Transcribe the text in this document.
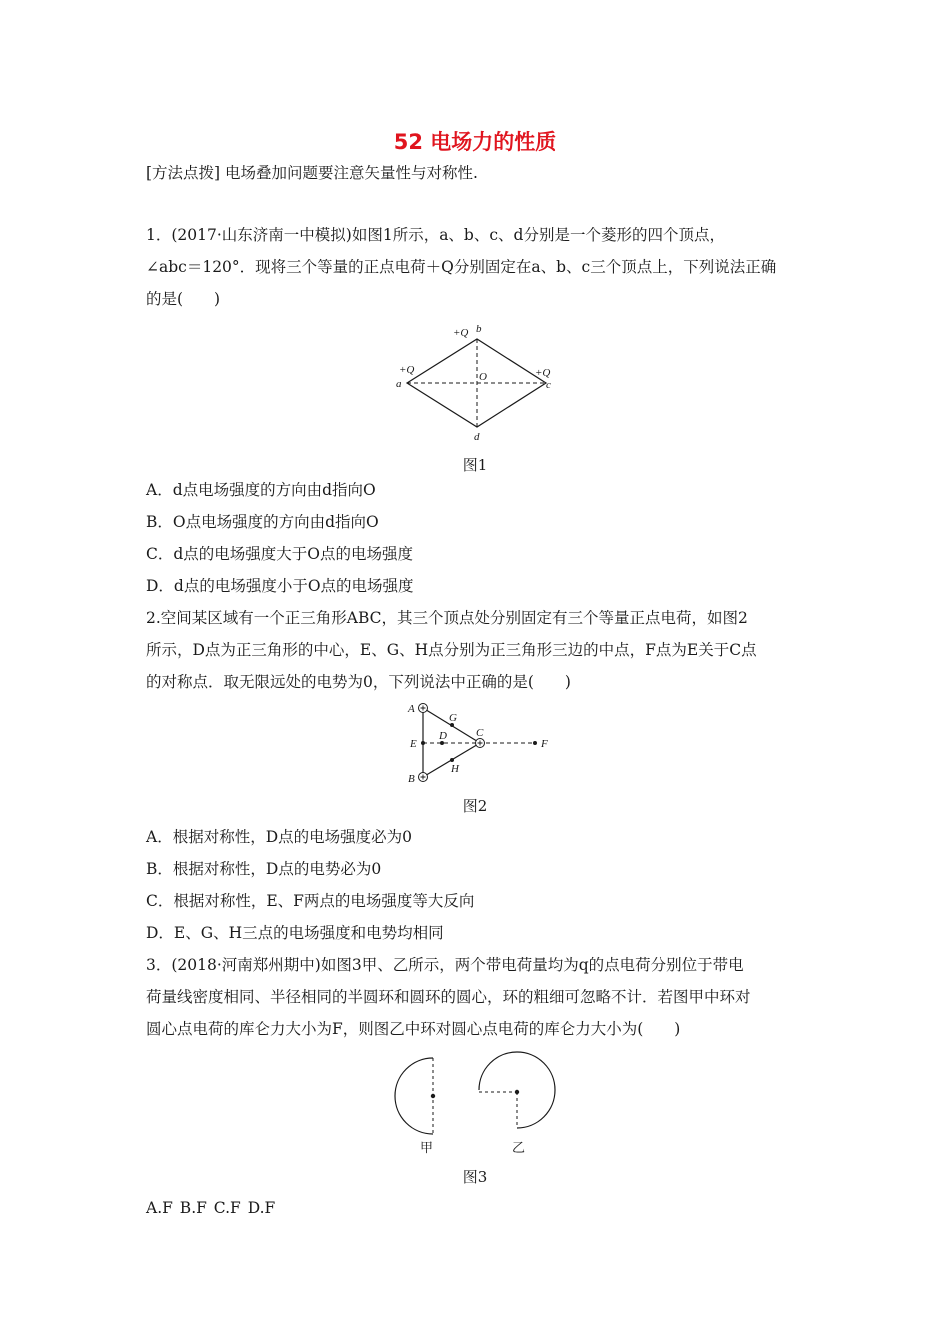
52 电场力的性质
[方法点拨] 电场叠加问题要注意矢量性与对称性.
1．(2017·山东济南一中模拟)如图1所示，a、b、c、d分别是一个菱形的四个顶点，
∠abc＝120°．现将三个等量的正点电荷＋Q分别固定在a、b、c三个顶点上，下列说法正确
的是(　　)
+Q b
+Q
a
+Q
c
O
d
图1
A．d点电场强度的方向由d指向O
B．O点电场强度的方向由d指向O
C．d点的电场强度大于O点的电场强度
D．d点的电场强度小于O点的电场强度
2.空间某区域有一个正三角形ABC，其三个顶点处分别固定有三个等量正点电荷，如图2
所示，D点为正三角形的中心，E、G、H点分别为正三角形三边的中点，F点为E关于C点
的对称点．取无限远处的电势为0，下列说法中正确的是(　　)
A
B
E
D
G
C
H
F
图2
A．根据对称性，D点的电场强度必为0
B．根据对称性，D点的电势必为0
C．根据对称性，E、F两点的电场强度等大反向
D．E、G、H三点的电场强度和电势均相同
3．(2018·河南郑州期中)如图3甲、乙所示，两个带电荷量均为q的点电荷分别位于带电
荷量线密度相同、半径相同的半圆环和圆环的圆心，环的粗细可忽略不计．若图甲中环对
圆心点电荷的库仑力大小为F，则图乙中环对圆心点电荷的库仑力大小为(　　)
甲	乙
图3
A.F B.F C.F D.F
